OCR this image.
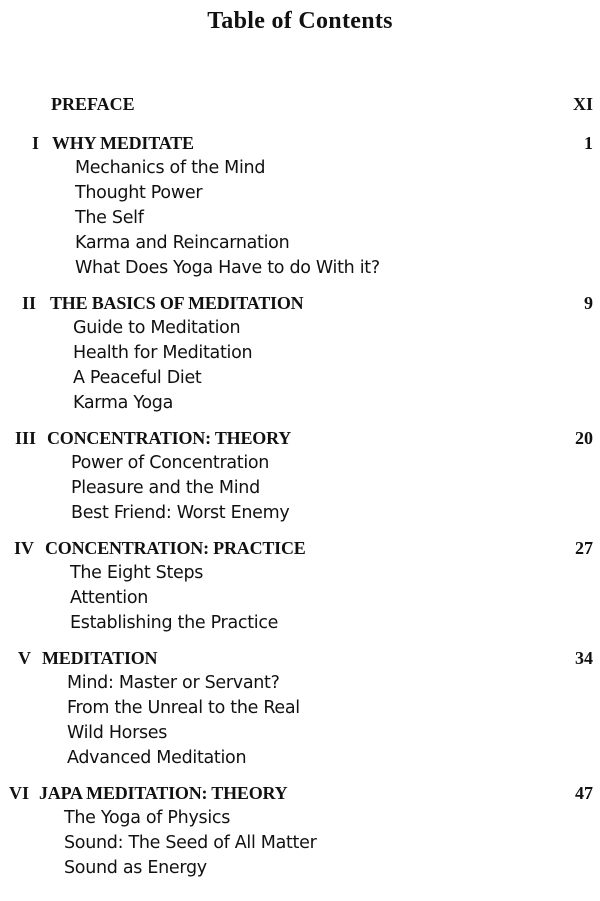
Table of Contents
PREFACE	XI
I WHY MEDITATE	1
Mechanics of the Mind
Thought Power
The Self
Karma and Reincarnation
What Does Yoga Have to do With it?
II THE BASICS OF MEDITATION	9
Guide to Meditation
Health for Meditation
A Peaceful Diet
Karma Yoga
III CONCENTRATION: THEORY	20
Power of Concentration
Pleasure and the Mind
Best Friend: Worst Enemy
IV CONCENTRATION: PRACTICE	27
The Eight Steps
Attention
Establishing the Practice
V MEDITATION	34
Mind: Master or Servant?
From the Unreal to the Real
Wild Horses
Advanced Meditation
VI JAPA MEDITATION: THEORY	47
The Yoga of Physics
Sound: The Seed of All Matter
Sound as Energy
